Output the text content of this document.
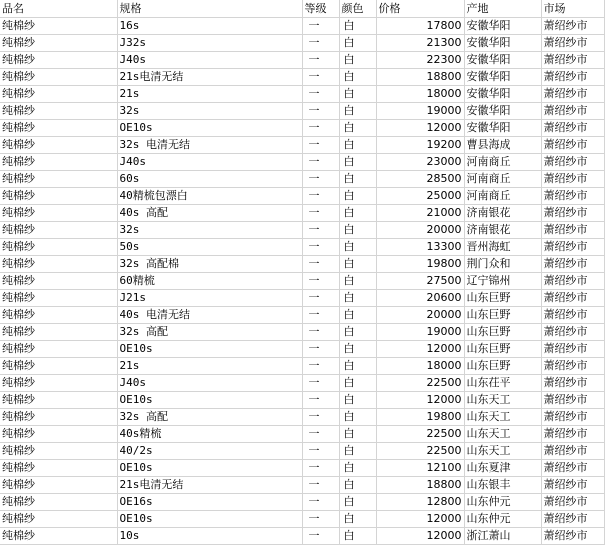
品名	规格	等级	颜色	价格	产地	市场
纯棉纱	16s	一	白	17800	安徽华阳	萧绍纱市
纯棉纱	J32s	一	白	21300	安徽华阳	萧绍纱市
纯棉纱	J40s	一	白	22300	安徽华阳	萧绍纱市
纯棉纱	21s电清无结	一	白	18800	安徽华阳	萧绍纱市
纯棉纱	21s	一	白	18000	安徽华阳	萧绍纱市
纯棉纱	32s	一	白	19000	安徽华阳	萧绍纱市
纯棉纱	OE10s	一	白	12000	安徽华阳	萧绍纱市
纯棉纱	32s 电清无结	一	白	19200	曹县海成	萧绍纱市
纯棉纱	J40s	一	白	23000	河南商丘	萧绍纱市
纯棉纱	60s	一	白	28500	河南商丘	萧绍纱市
纯棉纱	40精梳包漂白	一	白	25000	河南商丘	萧绍纱市
纯棉纱	40s 高配	一	白	21000	济南银花	萧绍纱市
纯棉纱	32s	一	白	20000	济南银花	萧绍纱市
纯棉纱	50s	一	白	13300	晋州海虹	萧绍纱市
纯棉纱	32s 高配棉	一	白	19800	荆门众和	萧绍纱市
纯棉纱	60精梳	一	白	27500	辽宁锦州	萧绍纱市
纯棉纱	J21s	一	白	20600	山东巨野	萧绍纱市
纯棉纱	40s 电清无结	一	白	20000	山东巨野	萧绍纱市
纯棉纱	32s 高配	一	白	19000	山东巨野	萧绍纱市
纯棉纱	OE10s	一	白	12000	山东巨野	萧绍纱市
纯棉纱	21s	一	白	18000	山东巨野	萧绍纱市
纯棉纱	J40s	一	白	22500	山东茌平	萧绍纱市
纯棉纱	OE10s	一	白	12000	山东天工	萧绍纱市
纯棉纱	32s 高配	一	白	19800	山东天工	萧绍纱市
纯棉纱	40s精梳	一	白	22500	山东天工	萧绍纱市
纯棉纱	40/2s	一	白	22500	山东天工	萧绍纱市
纯棉纱	OE10s	一	白	12100	山东夏津	萧绍纱市
纯棉纱	21s电清无结	一	白	18800	山东银丰	萧绍纱市
纯棉纱	OE16s	一	白	12800	山东仲元	萧绍纱市
纯棉纱	OE10s	一	白	12000	山东仲元	萧绍纱市
纯棉纱	10s	一	白	12000	浙江萧山	萧绍纱市
